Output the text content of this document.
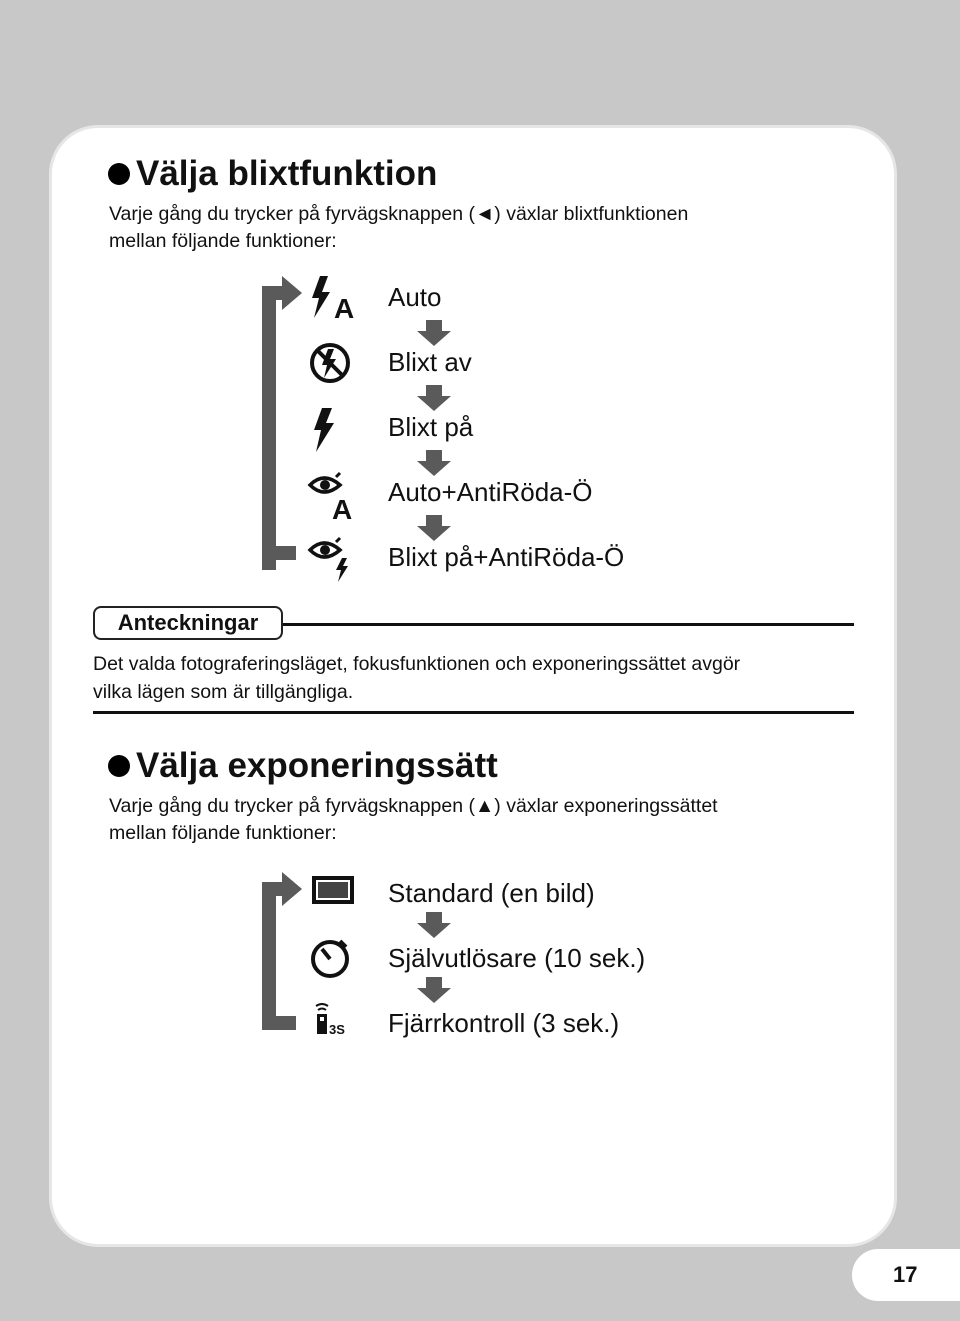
Välja blixtfunktion

Varje gång du trycker på fyrvägsknappen (◄) växlar blixtfunktionen
mellan följande funktioner:

A Auto
Blixt av
Blixt på
A
Auto+AntiRöda-Ö
Blixt på+AntiRöda-Ö
Anteckningar

Det valda fotograferingsläget, fokusfunktionen och exponeringssättet avgör
vilka lägen som är tillgängliga.

Välja exponeringssätt

Varje gång du trycker på fyrvägsknappen (▲) växlar exponeringssättet
mellan följande funktioner:

Standard (en bild)
Självutlösare (10 sek.)
3S Fjärrkontroll (3 sek.)
17
